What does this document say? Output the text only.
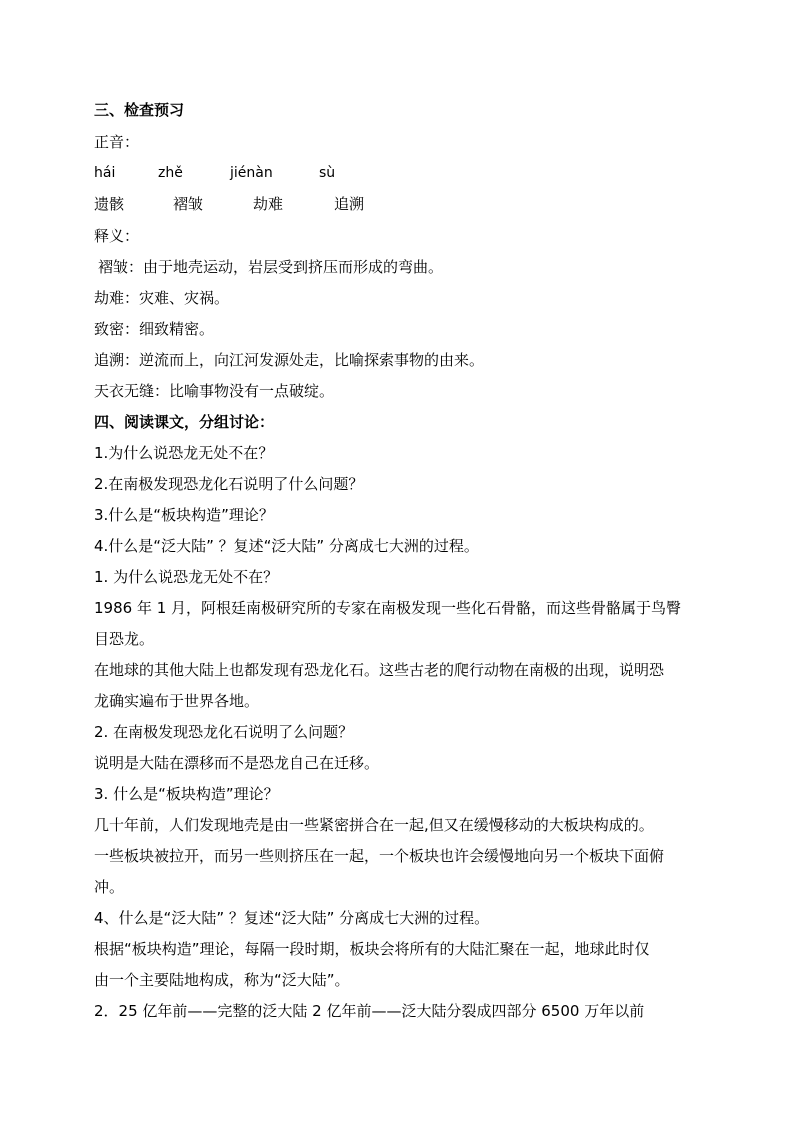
三、检查预习
正音：
hái	zhě	jiénàn	sù
遗骸	褶皱	劫难	追溯
释义：
褶皱：由于地壳运动，岩层受到挤压而形成的弯曲。
劫难：灾难、灾祸。
致密：细致精密。
追溯：逆流而上，向江河发源处走，比喻探索事物的由来。
天衣无缝：比喻事物没有一点破绽。
四、阅读课文，分组讨论：
1.为什么说恐龙无处不在？
2.在南极发现恐龙化石说明了什么问题？
3.什么是“板块构造”理论？
4.什么是“泛大陆” ？复述“泛大陆” 分离成七大洲的过程。
1. 为什么说恐龙无处不在？
1986 年 1 月，阿根廷南极研究所的专家在南极发现一些化石骨骼，而这些骨骼属于鸟臀
目恐龙。
在地球的其他大陆上也都发现有恐龙化石。这些古老的爬行动物在南极的出现，说明恐
龙确实遍布于世界各地。
2. 在南极发现恐龙化石说明了么问题？
说明是大陆在漂移而不是恐龙自己在迁移。
3. 什么是“板块构造”理论？
几十年前，人们发现地壳是由一些紧密拼合在一起,但又在缓慢移动的大板块构成的。
一些板块被拉开，而另一些则挤压在一起，一个板块也许会缓慢地向另一个板块下面俯
冲。
4、什么是“泛大陆” ？复述“泛大陆” 分离成七大洲的过程。
根据“板块构造”理论，每隔一段时期，板块会将所有的大陆汇聚在一起，地球此时仅
由一个主要陆地构成，称为“泛大陆”。
2．25 亿年前——完整的泛大陆 2 亿年前——泛大陆分裂成四部分 6500 万年以前
